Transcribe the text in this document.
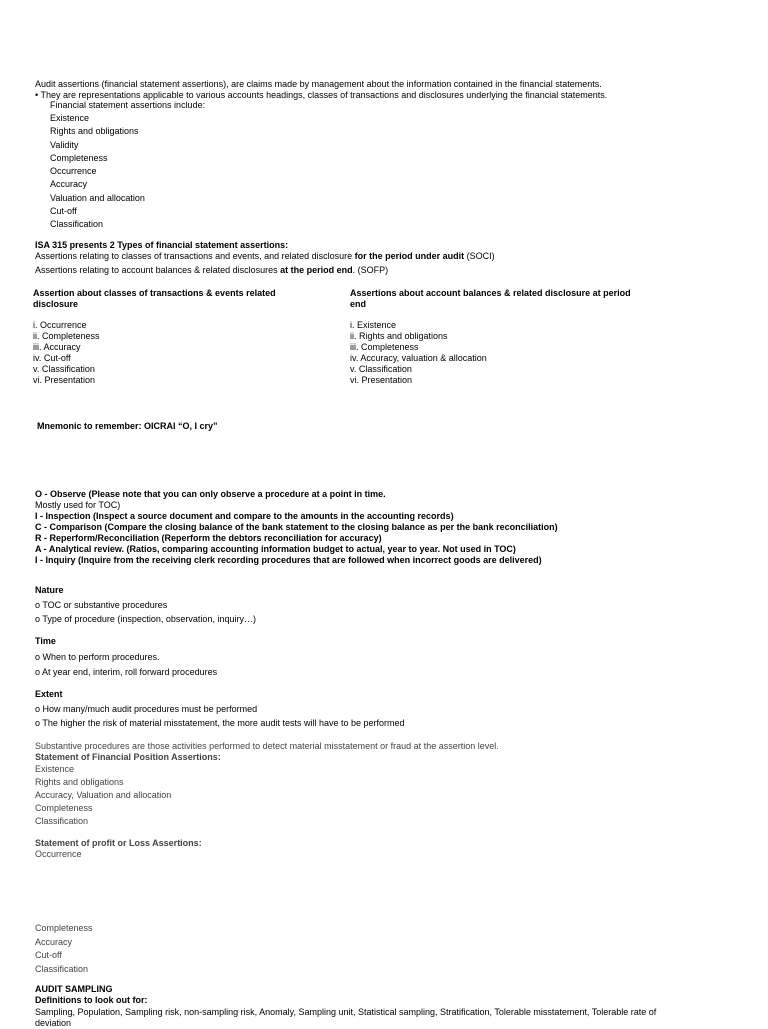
Audit assertions (financial statement assertions), are claims made by management about the information contained in the financial statements.

• They are representations applicable to various accounts headings, classes of transactions and disclosures underlying the financial statements.

Financial statement assertions include:

Existence

Rights and obligations

Validity

Completeness

Occurrence

Accuracy

Valuation and allocation

Cut-off

Classification

ISA 315 presents 2 Types of financial statement assertions:

Assertions relating to classes of transactions and events, and related disclosure for the period under audit (SOCI)

Assertions relating to account balances & related disclosures at the period end. (SOFP)

Assertion about classes of transactions & events related disclosure
i. Occurrence
ii. Completeness
iii. Accuracy
iv. Cut-off
v. Classification
vi. Presentation
Assertions about account balances & related disclosure at period end
i. Existence
ii. Rights and obligations
iii. Completeness
iv. Accuracy, valuation & allocation
v. Classification
vi. Presentation

Mnemonic to remember: OICRAI “O, I cry”

O - Observe (Please note that you can only observe a procedure at a point in time.

Mostly used for TOC)

I - Inspection (Inspect a source document and compare to the amounts in the accounting records)

C - Comparison (Compare the closing balance of the bank statement to the closing balance as per the bank reconciliation)

R - Reperform/Reconciliation (Reperform the debtors reconciliation for accuracy)

A - Analytical review. (Ratios, comparing accounting information budget to actual, year to year. Not used in TOC)

I - Inquiry (Inquire from the receiving clerk recording procedures that are followed when incorrect goods are delivered)

Nature

o TOC or substantive procedures

o Type of procedure (inspection, observation, inquiry…)

Time

o When to perform procedures.

o At year end, interim, roll forward procedures

Extent

o How many/much audit procedures must be performed

o The higher the risk of material misstatement, the more audit tests will have to be performed

Substantive procedures are those activities performed to detect material misstatement or fraud at the assertion level.

Statement of Financial Position Assertions:

Existence

Rights and obligations

Accuracy, Valuation and allocation

Completeness

Classification

Statement of profit or Loss Assertions:

Occurrence

Completeness

Accuracy

Cut-off

Classification

AUDIT SAMPLING

Definitions to look out for:

Sampling, Population, Sampling risk, non-sampling risk, Anomaly, Sampling unit, Statistical sampling, Stratification, Tolerable misstatement, Tolerable rate of

deviation
